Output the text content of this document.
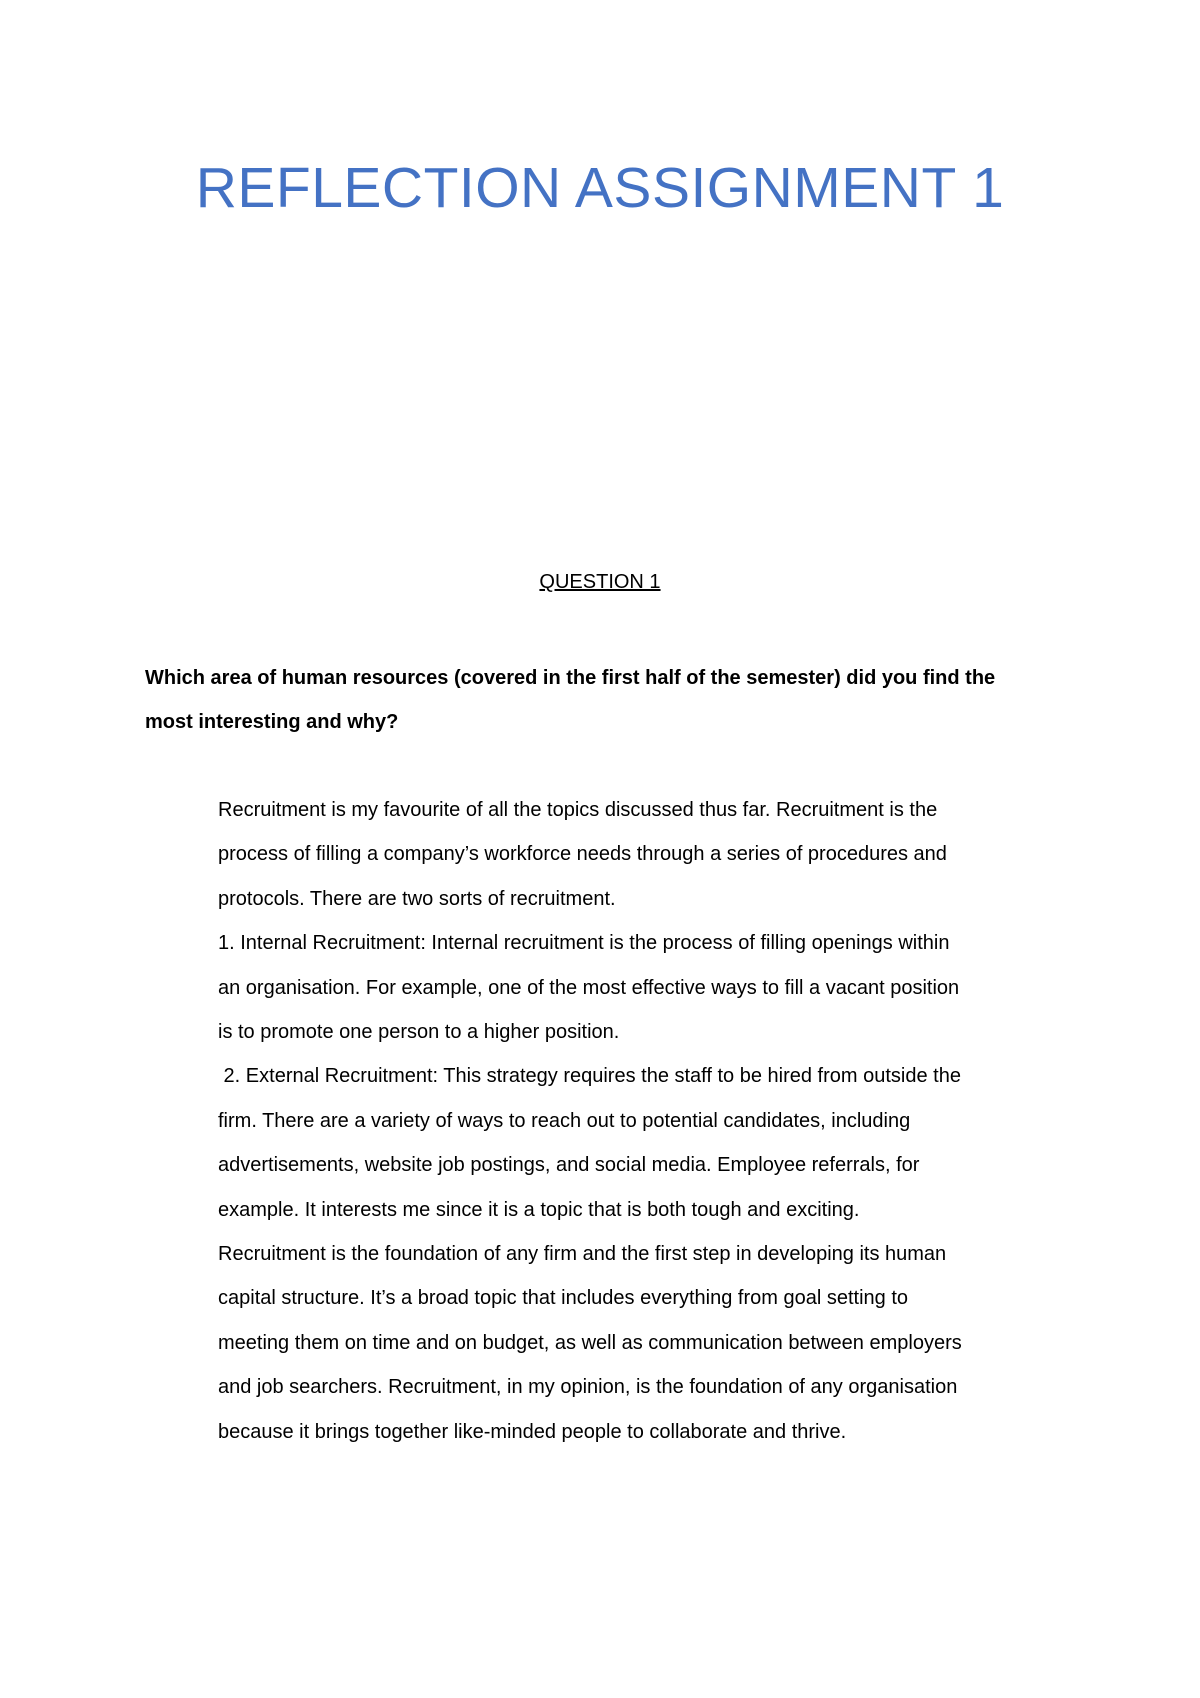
REFLECTION ASSIGNMENT 1
QUESTION 1
Which area of human resources (covered in the first half of the semester) did you find the
most interesting and why?

Recruitment is my favourite of all the topics discussed thus far. Recruitment is the

process of filling a company’s workforce needs through a series of procedures and

protocols. There are two sorts of recruitment.

1. Internal Recruitment: Internal recruitment is the process of filling openings within

an organisation. For example, one of the most effective ways to fill a vacant position

is to promote one person to a higher position.

2. External Recruitment: This strategy requires the staff to be hired from outside the

firm. There are a variety of ways to reach out to potential candidates, including

advertisements, website job postings, and social media. Employee referrals, for

example. It interests me since it is a topic that is both tough and exciting.

Recruitment is the foundation of any firm and the first step in developing its human

capital structure. It’s a broad topic that includes everything from goal setting to

meeting them on time and on budget, as well as communication between employers

and job searchers. Recruitment, in my opinion, is the foundation of any organisation

because it brings together like-minded people to collaborate and thrive.
